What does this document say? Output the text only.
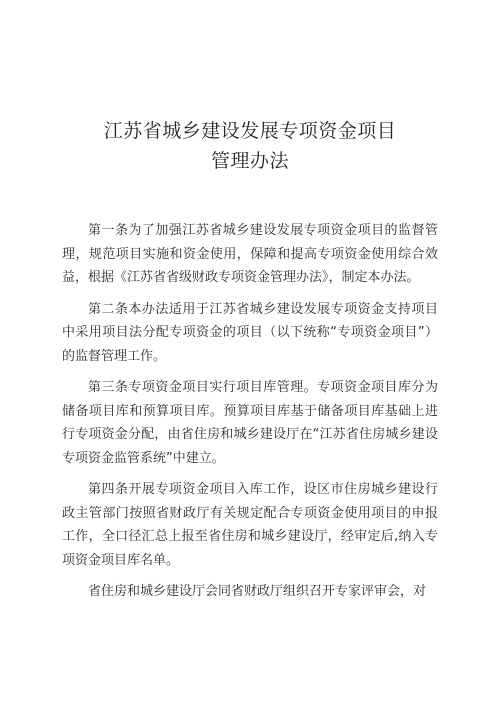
江苏省城乡建设发展专项资金项目
管理办法

第一条为了加强江苏省城乡建设发展专项资金项目的监督管理，规范项目实施和资金使用，保障和提高专项资金使用综合效益，根据《江苏省省级财政专项资金管理办法》，制定本办法。

第二条本办法适用于江苏省城乡建设发展专项资金支持项目中采用项目法分配专项资金的项目（以下统称“专项资金项目”）的监督管理工作。

第三条专项资金项目实行项目库管理。专项资金项目库分为储备项目库和预算项目库。预算项目库基于储备项目库基础上进行专项资金分配，由省住房和城乡建设厅在“江苏省住房城乡建设专项资金监管系统”中建立。

第四条开展专项资金项目入库工作，设区市住房城乡建设行政主管部门按照省财政厅有关规定配合专项资金使用项目的申报工作，全口径汇总上报至省住房和城乡建设厅，经审定后,纳入专项资金项目库名单。

省住房和城乡建设厅会同省财政厅组织召开专家评审会，对
